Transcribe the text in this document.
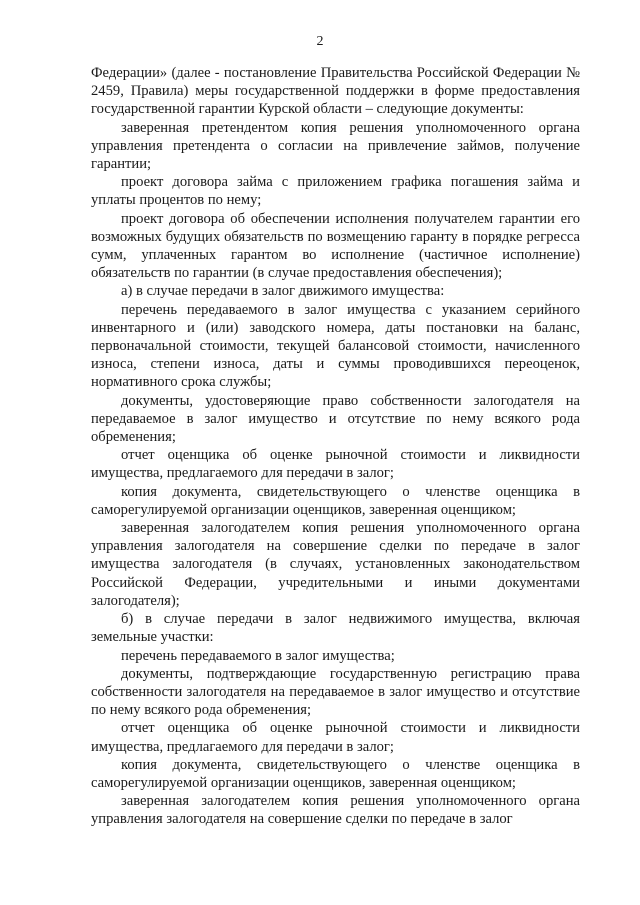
2

Федерации» (далее - постановление Правительства Российской Федерации № 2459, Правила) меры государственной поддержки в форме предоставления государственной гарантии Курской области – следующие документы:

заверенная претендентом копия решения уполномоченного органа управления претендента о согласии на привлечение займов, получение гарантии;

проект договора займа с приложением графика погашения займа и уплаты процентов по нему;

проект договора об обеспечении исполнения получателем гарантии его возможных будущих обязательств по возмещению гаранту в порядке регресса сумм, уплаченных гарантом во исполнение (частичное исполнение) обязательств по гарантии (в случае предоставления обеспечения);

а) в случае передачи в залог движимого имущества:

перечень передаваемого в залог имущества с указанием серийного инвентарного и (или) заводского номера, даты постановки на баланс, первоначальной стоимости, текущей балансовой стоимости, начисленного износа, степени износа, даты и суммы проводившихся переоценок, нормативного срока службы;

документы, удостоверяющие право собственности залогодателя на передаваемое в залог имущество и отсутствие по нему всякого рода обременения;

отчет оценщика об оценке рыночной стоимости и ликвидности имущества, предлагаемого для передачи в залог;

копия документа, свидетельствующего о членстве оценщика в саморегулируемой организации оценщиков, заверенная оценщиком;

заверенная залогодателем копия решения уполномоченного органа управления залогодателя на совершение сделки по передаче в залог имущества залогодателя (в случаях, установленных законодательством Российской Федерации, учредительными и иными документами залогодателя);

б) в случае передачи в залог недвижимого имущества, включая земельные участки:

перечень передаваемого в залог имущества;

документы, подтверждающие государственную регистрацию права собственности залогодателя на передаваемое в залог имущество и отсутствие по нему всякого рода обременения;

отчет оценщика об оценке рыночной стоимости и ликвидности имущества, предлагаемого для передачи в залог;

копия документа, свидетельствующего о членстве оценщика в саморегулируемой организации оценщиков, заверенная оценщиком;

заверенная залогодателем копия решения уполномоченного органа управления залогодателя на совершение сделки по передаче в залог
